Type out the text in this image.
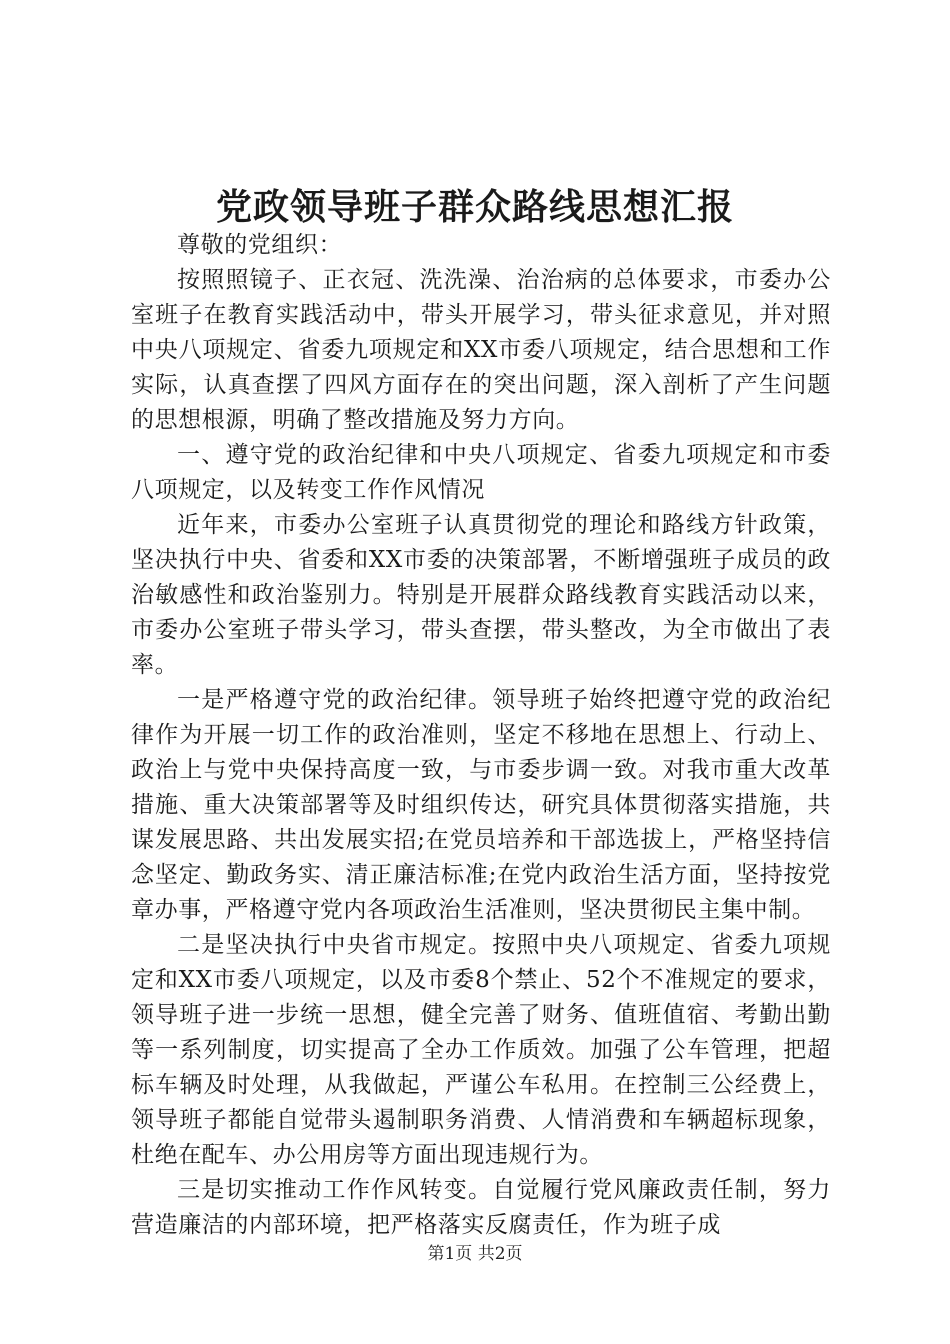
党政领导班子群众路线思想汇报

尊敬的党组织：

按照照镜子、正衣冠、洗洗澡、治治病的总体要求，市委办公室班子在教育实践活动中，带头开展学习，带头征求意见，并对照中央八项规定、省委九项规定和XX市委八项规定，结合思想和工作实际，认真查摆了四风方面存在的突出问题，深入剖析了产生问题的思想根源，明确了整改措施及努力方向。

一、遵守党的政治纪律和中央八项规定、省委九项规定和市委八项规定，以及转变工作作风情况

近年来，市委办公室班子认真贯彻党的理论和路线方针政策，坚决执行中央、省委和XX市委的决策部署，不断增强班子成员的政治敏感性和政治鉴别力。特别是开展群众路线教育实践活动以来，市委办公室班子带头学习，带头查摆，带头整改，为全市做出了表率。

一是严格遵守党的政治纪律。领导班子始终把遵守党的政治纪律作为开展一切工作的政治准则，坚定不移地在思想上、行动上、政治上与党中央保持高度一致，与市委步调一致。对我市重大改革措施、重大决策部署等及时组织传达，研究具体贯彻落实措施，共谋发展思路、共出发展实招;在党员培养和干部选拔上，严格坚持信念坚定、勤政务实、清正廉洁标准;在党内政治生活方面，坚持按党章办事，严格遵守党内各项政治生活准则，坚决贯彻民主集中制。

二是坚决执行中央省市规定。按照中央八项规定、省委九项规定和XX市委八项规定，以及市委8个禁止、52个不准规定的要求，领导班子进一步统一思想，健全完善了财务、值班值宿、考勤出勤等一系列制度，切实提高了全办工作质效。加强了公车管理，把超标车辆及时处理，从我做起，严谨公车私用。在控制三公经费上，领导班子都能自觉带头遏制职务消费、人情消费和车辆超标现象，杜绝在配车、办公用房等方面出现违规行为。

三是切实推动工作作风转变。自觉履行党风廉政责任制，努力营造廉洁的内部环境，把严格落实反腐责任，作为班子成

第1页 共2页
